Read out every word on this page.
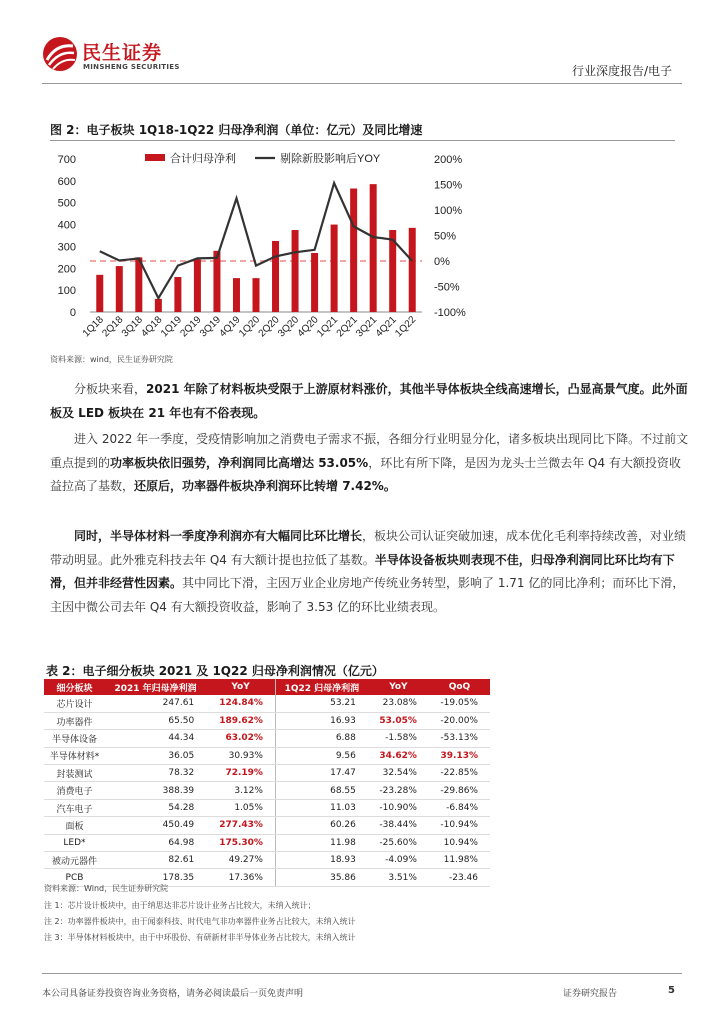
民生证券
MINSHENG SECURITIES	行业深度报告/电子
图 2：电子板块 1Q18-1Q22 归母净利润（单位：亿元）及同比增速
0
100
200
300
400
500
600
700
-100%
-50%
0%
50%
100%
150%
200%
1Q18
2Q18
3Q18
4Q18
1Q19
2Q19
3Q19
4Q19
1Q20
2Q20
3Q20
4Q20
1Q21
2Q21
3Q21
4Q21
1Q22
合计归母净利	剔除新股影响后YOY
资料来源：wind，民生证券研究院
分板块来看，2021 年除了材料板块受限于上游原材料涨价，其他半导体板块全线高速增长，凸显高景气度。此外面板及 LED 板块在 21 年也有不俗表现。
进入 2022 年一季度，受疫情影响加之消费电子需求不振，各细分行业明显分化，诸多板块出现同比下降。不过前文重点提到的功率板块依旧强势，净利润同比高增达 53.05%，环比有所下降，是因为龙头士兰微去年 Q4 有大额投资收益拉高了基数，还原后，功率器件板块净利润环比转增 7.42%。
同时，半导体材料一季度净利润亦有大幅同比环比增长，板块公司认证突破加速，成本优化毛利率持续改善，对业绩带动明显。此外雅克科技去年 Q4 有大额计提也拉低了基数。半导体设备板块则表现不佳，归母净利润同比环比均有下滑，但并非经营性因素。其中同比下滑，主因万业企业房地产传统业务转型，影响了 1.71 亿的同比净利；而环比下滑，主因中微公司去年 Q4 有大额投资收益，影响了 3.53 亿的环比业绩表现。
表 2：电子细分板块 2021 及 1Q22 归母净利润情况（亿元）
细分板块	2021 年归母净利润	YoY	1Q22 归母净利润	YoY	QoQ
芯片设计	247.61	124.84%	53.21	23.08%	-19.05%
功率器件	65.50	189.62%	16.93	53.05%	-20.00%
半导体设备	44.34	63.02%	6.88	-1.58%	-53.13%
半导体材料*	36.05	30.93%	9.56	34.62%	39.13%
封装测试	78.32	72.19%	17.47	32.54%	-22.85%
消费电子	388.39	3.12%	68.55	-23.28%	-29.86%
汽车电子	54.28	1.05%	11.03	-10.90%	-6.84%
面板	450.49	277.43%	60.26	-38.44%	-10.94%
LED*	64.98	175.30%	11.98	-25.60%	10.94%
被动元器件	82.61	49.27%	18.93	-4.09%	11.98%
PCB	178.35	17.36%	35.86	3.51%	-23.46
资料来源：Wind，民生证券研究院
注 1：芯片设计板块中，由于纳思达非芯片设计业务占比较大，未纳入统计；
注 2：功率器件板块中，由于闻泰科技、时代电气非功率器件业务占比较大，未纳入统计
注 3：半导体材料板块中，由于中环股份、有研新材非半导体业务占比较大，未纳入统计
本公司具备证券投资咨询业务资格，请务必阅读最后一页免责声明	证券研究报告	5
